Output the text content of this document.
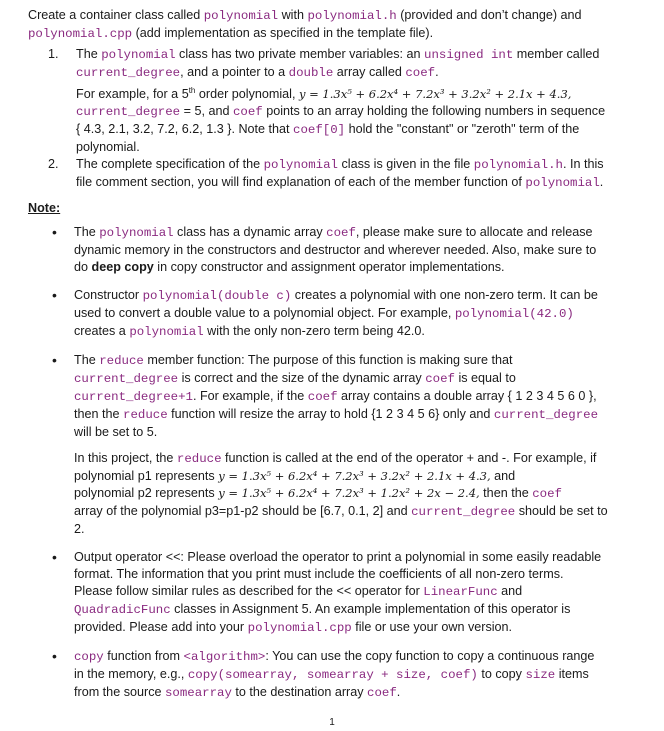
Create a container class called polynomial with polynomial.h (provided and don’t change) and
polynomial.cpp (add implementation as specified in the template file).
1. The polynomial class has two private member variables: an unsigned int member called
current_degree, and a pointer to a double array called coef.
For example, for a 5th order polynomial, y = 1.3x⁵ + 6.2x⁴ + 7.2x³ + 3.2x² + 2.1x + 4.3,
current_degree = 5, and coef points to an array holding the following numbers in sequence
{ 4.3, 2.1, 3.2, 7.2, 6.2, 1.3 }. Note that coef[0] hold the "constant" or "zeroth" term of the
polynomial.
2. The complete specification of the polynomial class is given in the file polynomial.h. In this
file comment section, you will find explanation of each of the member function of polynomial.
Note:
• The polynomial class has a dynamic array coef, please make sure to allocate and release
dynamic memory in the constructors and destructor and wherever needed. Also, make sure to
do deep copy in copy constructor and assignment operator implementations.
• Constructor polynomial(double c) creates a polynomial with one non-zero term. It can be
used to convert a double value to a polynomial object. For example, polynomial(42.0)
creates a polynomial with the only non-zero term being 42.0.
• The reduce member function: The purpose of this function is making sure that
current_degree is correct and the size of the dynamic array coef is equal to
current_degree+1. For example, if the coef array contains a double array { 1 2 3 4 5 6 0 },
then the reduce function will resize the array to hold {1 2 3 4 5 6} only and current_degree
will be set to 5.
In this project, the reduce function is called at the end of the operator + and -. For example, if
polynomial p1 represents y = 1.3x⁵ + 6.2x⁴ + 7.2x³ + 3.2x² + 2.1x + 4.3, and
polynomial p2 represents y = 1.3x⁵ + 6.2x⁴ + 7.2x³ + 1.2x² + 2x − 2.4, then the coef
array of the polynomial p3=p1-p2 should be [6.7, 0.1, 2] and current_degree should be set to
2.
• Output operator <<: Please overload the operator to print a polynomial in some easily readable
format. The information that you print must include the coefficients of all non-zero terms.
Please follow similar rules as described for the << operator for LinearFunc and
QuadradicFunc classes in Assignment 5. An example implementation of this operator is
provided. Please add into your polynomial.cpp file or use your own version.
• copy function from <algorithm>: You can use the copy function to copy a continuous range
in the memory, e.g., copy(somearray, somearray + size, coef) to copy size items
from the source somearray to the destination array coef.
1
